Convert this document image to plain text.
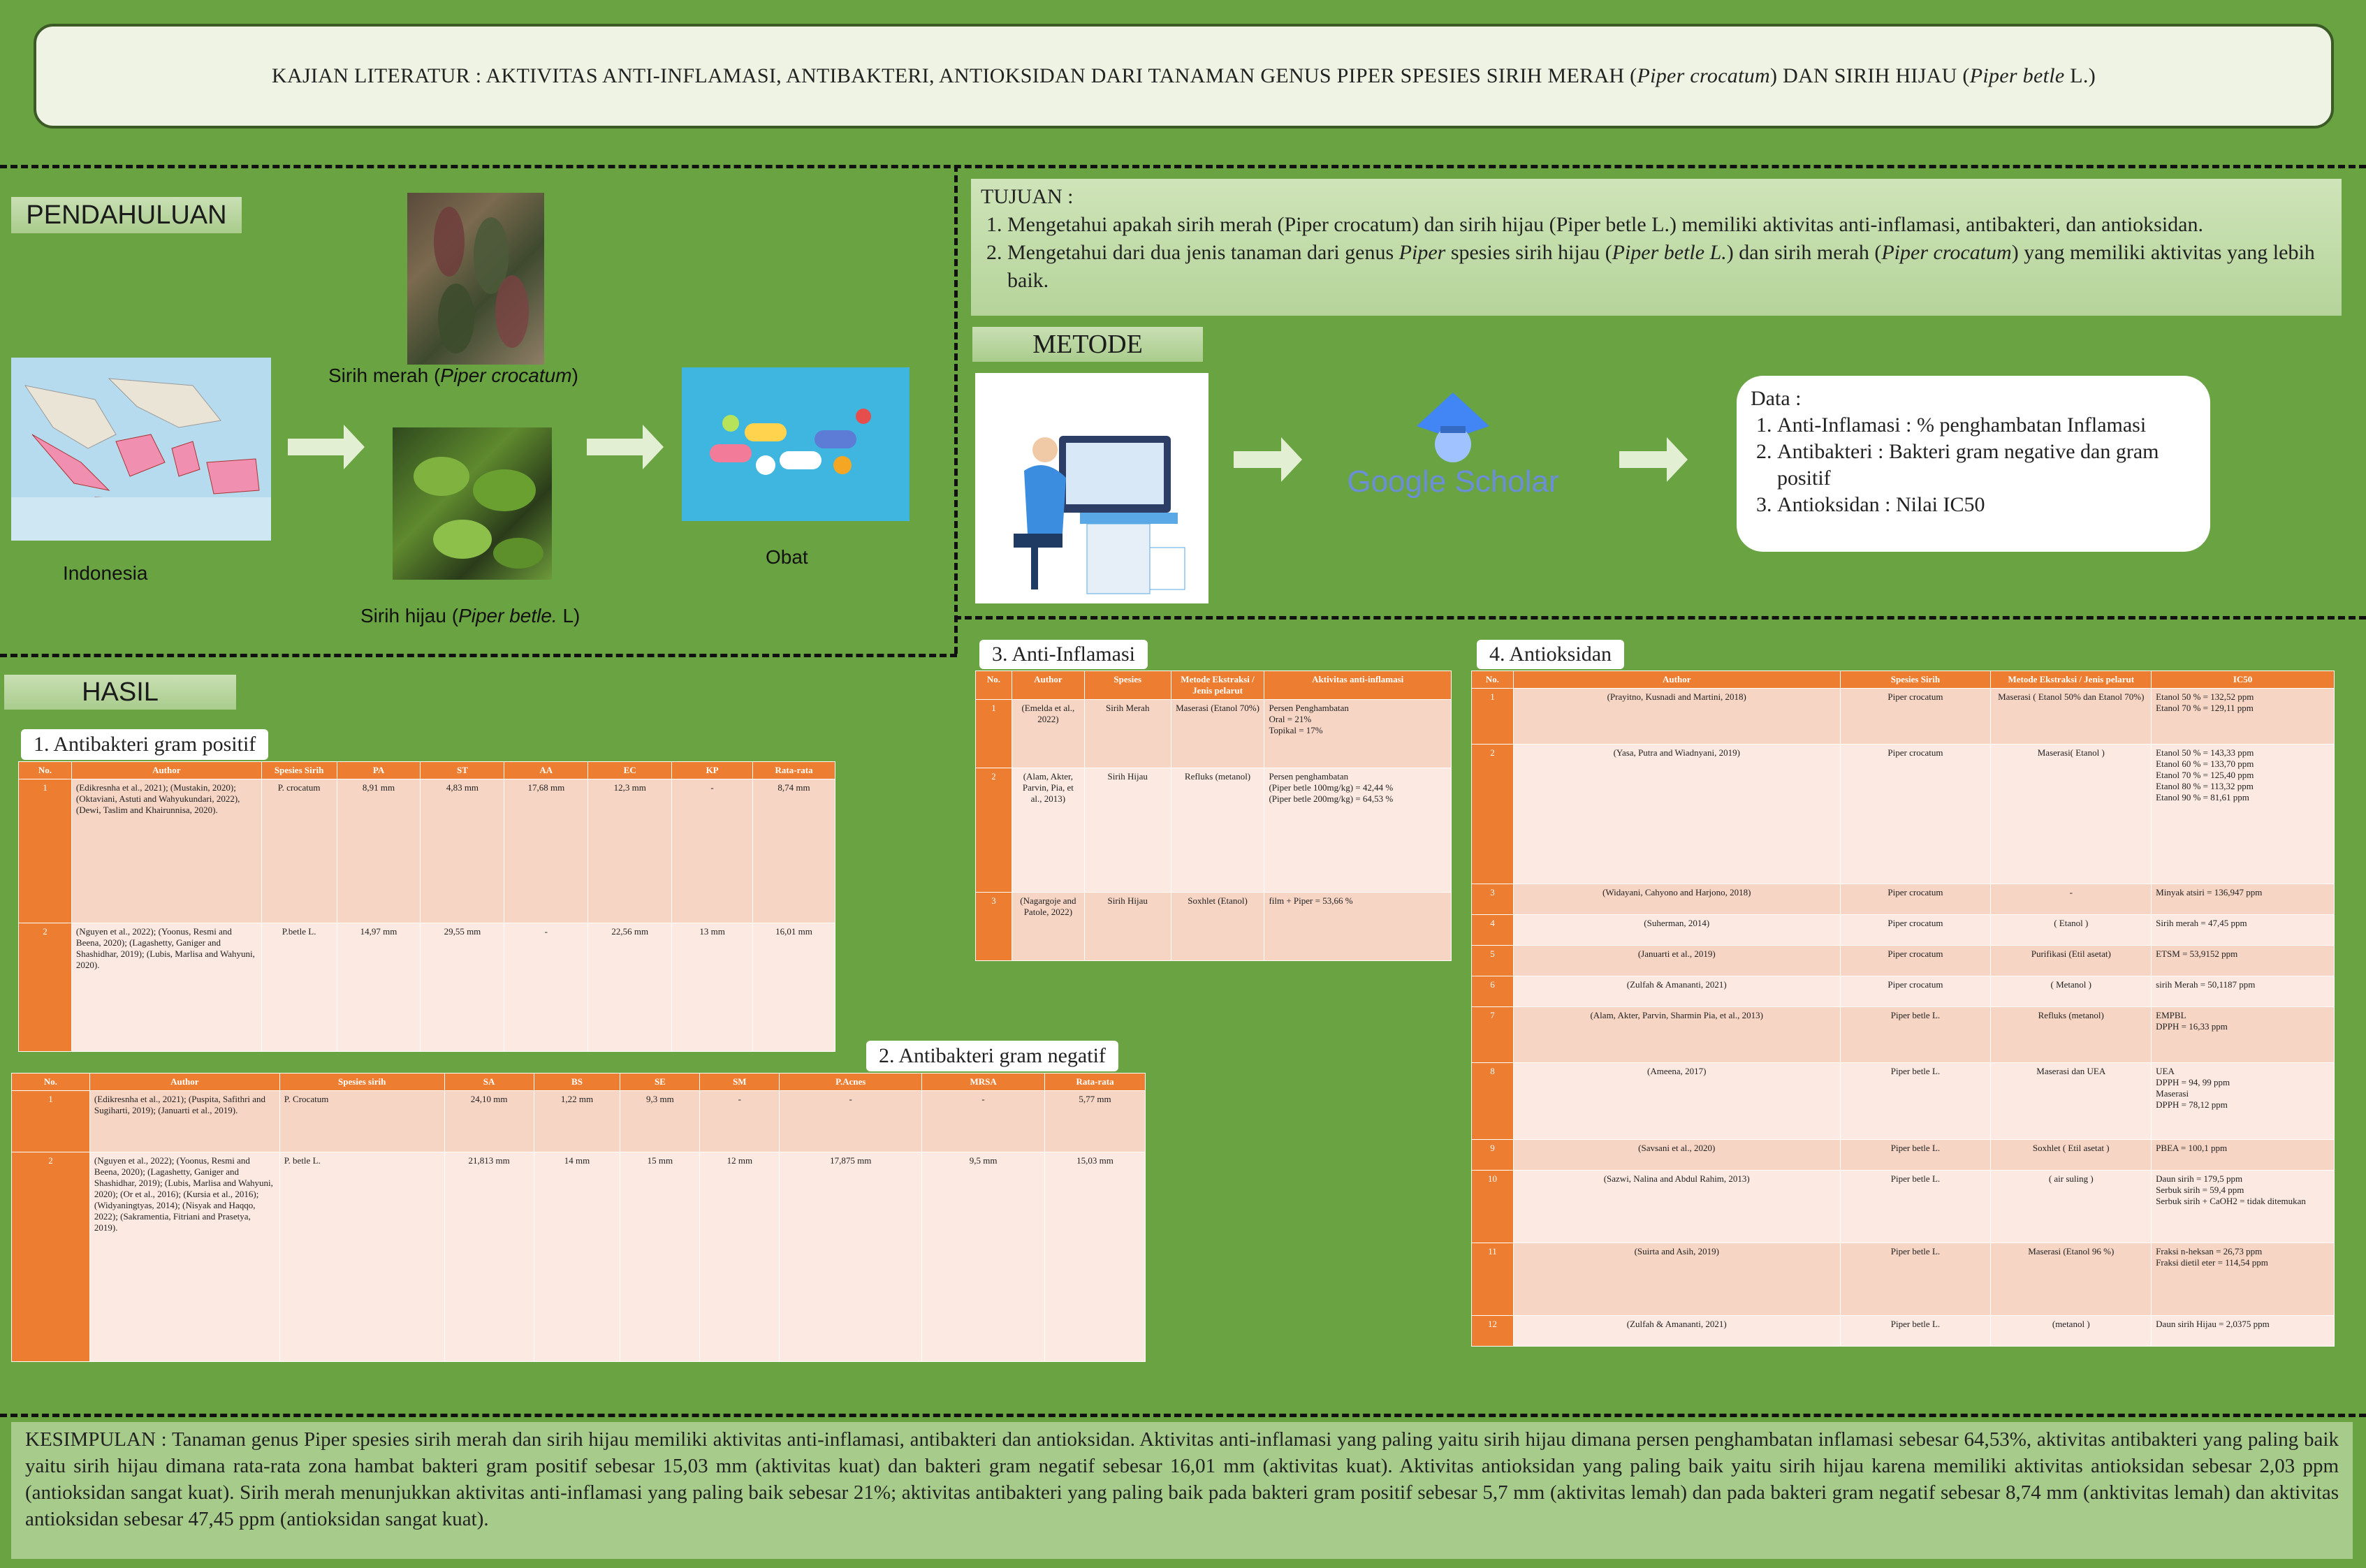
KAJIAN LITERATUR : AKTIVITAS ANTI-INFLAMASI, ANTIBAKTERI, ANTIOKSIDAN DARI TANAMAN GENUS PIPER SPESIES SIRIH MERAH (Piper crocatum) DAN SIRIH HIJAU (Piper betle L.)
PENDAHULUAN
Indonesia
Sirih merah (Piper crocatum)
Sirih hijau (Piper betle. L)
Obat
TUJUAN :
1. Mengetahui apakah sirih merah (Piper crocatum) dan sirih hijau (Piper betle L.) memiliki aktivitas anti-inflamasi, antibakteri, dan antioksidan.
2. Mengetahui dari dua jenis tanaman dari genus Piper spesies sirih hijau (Piper betle L.) dan sirih merah (Piper crocatum) yang memiliki aktivitas yang lebih baik.
METODE
Google Scholar
Data :
1. Anti-Inflamasi : % penghambatan Inflamasi
2. Antibakteri : Bakteri gram negative dan gram positif
3. Antioksidan : Nilai IC50
HASIL
1. Antibakteri gram positif
No.	Author	Spesies Sirih	PA	ST	AA	EC	KP	Rata-rata
1	(Edikresnha et al., 2021); (Mustakin, 2020); (Oktaviani, Astuti and Wahyukundari, 2022), (Dewi, Taslim and Khairunnisa, 2020).	P. crocatum	8,91 mm	4,83 mm	17,68 mm	12,3 mm	-	8,74 mm
2	(Nguyen et al., 2022); (Yoonus, Resmi and Beena, 2020); (Lagashetty, Ganiger and Shashidhar, 2019); (Lubis, Marlisa and Wahyuni, 2020).	P.betle L.	14,97 mm	29,55 mm	-	22,56 mm	13 mm	16,01 mm
2. Antibakteri gram negatif
No.	Author	Spesies sirih	SA	BS	SE	SM	P.Acnes	MRSA	Rata-rata
1	(Edikresnha et al., 2021); (Puspita, Safithri and Sugiharti, 2019); (Januarti et al., 2019).	P. Crocatum	24,10 mm	1,22 mm	9,3 mm	-	-	-	5,77 mm
2	(Nguyen et al., 2022); (Yoonus, Resmi and Beena, 2020); (Lagashetty, Ganiger and Shashidhar, 2019); (Lubis, Marlisa and Wahyuni, 2020); (Or et al., 2016); (Kursia et al., 2016); (Widyaningtyas, 2014); (Nisyak and Haqqo, 2022); (Sakramentia, Fitriani and Prasetya, 2019).	P. betle L.	21,813 mm	14 mm	15 mm	12 mm	17,875 mm	9,5 mm	15,03 mm
3. Anti-Inflamasi
No.	Author	Spesies	Metode Ekstraksi / Jenis pelarut	Aktivitas anti-inflamasi
1	(Emelda et al., 2022)	Sirih Merah	Maserasi (Etanol 70%)	Persen Penghambatan
Oral = 21%
Topikal = 17%
2	(Alam, Akter, Parvin, Pia, et al., 2013)	Sirih Hijau	Refluks (metanol)	Persen penghambatan
(Piper betle 100mg/kg) = 42,44 %
(Piper betle 200mg/kg) = 64,53 %
3	(Nagargoje and Patole, 2022)	Sirih Hijau	Soxhlet (Etanol)	film + Piper = 53,66 %
4. Antioksidan
No.	Author	Spesies Sirih	Metode Ekstraksi / Jenis pelarut	IC50
1	(Prayitno, Kusnadi and Martini, 2018)	Piper crocatum	Maserasi ( Etanol 50% dan Etanol 70%)	Etanol 50 % = 132,52 ppm
Etanol 70 % = 129,11 ppm
2	(Yasa, Putra and Wiadnyani, 2019)	Piper crocatum	Maserasi( Etanol )	Etanol 50 % = 143,33 ppm
Etanol 60 % = 133,70 ppm
Etanol 70 % = 125,40 ppm
Etanol 80 % = 113,32 ppm
Etanol 90 % = 81,61 ppm
3	(Widayani, Cahyono and Harjono, 2018)	Piper crocatum	-	Minyak atsiri = 136,947 ppm
4	(Suherman, 2014)	Piper crocatum	( Etanol )	Sirih merah = 47,45 ppm
5	(Januarti et al., 2019)	Piper crocatum	Purifikasi (Etil asetat)	ETSM = 53,9152 ppm
6	(Zulfah & Amananti, 2021)	Piper crocatum	( Metanol )	sirih Merah = 50,1187 ppm
7	(Alam, Akter, Parvin, Sharmin Pia, et al., 2013)	Piper betle L.	Refluks (metanol)	EMPBL
DPPH = 16,33 ppm
8	(Ameena, 2017)	Piper betle L.	Maserasi dan UEA	UEA
DPPH = 94, 99 ppm
Maserasi
DPPH = 78,12 ppm
9	(Savsani et al., 2020)	Piper betle L.	Soxhlet ( Etil asetat )	PBEA = 100,1 ppm
10	(Sazwi, Nalina and Abdul Rahim, 2013)	Piper betle L.	( air suling )	Daun sirih = 179,5 ppm
Serbuk sirih = 59,4 ppm
Serbuk sirih + CaOH2 = tidak ditemukan
11	(Suirta and Asih, 2019)	Piper betle L.	Maserasi (Etanol 96 %)	Fraksi n-heksan = 26,73 ppm
Fraksi dietil eter = 114,54 ppm
12	(Zulfah & Amananti, 2021)	Piper betle L.	(metanol )	Daun sirih Hijau = 2,0375 ppm
KESIMPULAN : Tanaman genus Piper spesies sirih merah dan sirih hijau memiliki aktivitas anti-inflamasi, antibakteri dan antioksidan. Aktivitas anti-inflamasi yang paling yaitu sirih hijau dimana persen penghambatan inflamasi sebesar 64,53%, aktivitas antibakteri yang paling baik yaitu sirih hijau dimana rata-rata zona hambat bakteri gram positif sebesar 15,03 mm (aktivitas kuat) dan bakteri gram negatif sebesar 16,01 mm (aktivitas kuat). Aktivitas antioksidan yang paling baik yaitu sirih hijau karena memiliki aktivitas antioksidan sebesar 2,03 ppm (antioksidan sangat kuat). Sirih merah menunjukkan aktivitas anti-inflamasi yang paling baik sebesar 21%; aktivitas antibakteri yang paling baik pada bakteri gram positif sebesar 5,7 mm (aktivitas lemah) dan pada bakteri gram negatif sebesar 8,74 mm (anktivitas lemah) dan aktivitas antioksidan sebesar 47,45 ppm (antioksidan sangat kuat).
